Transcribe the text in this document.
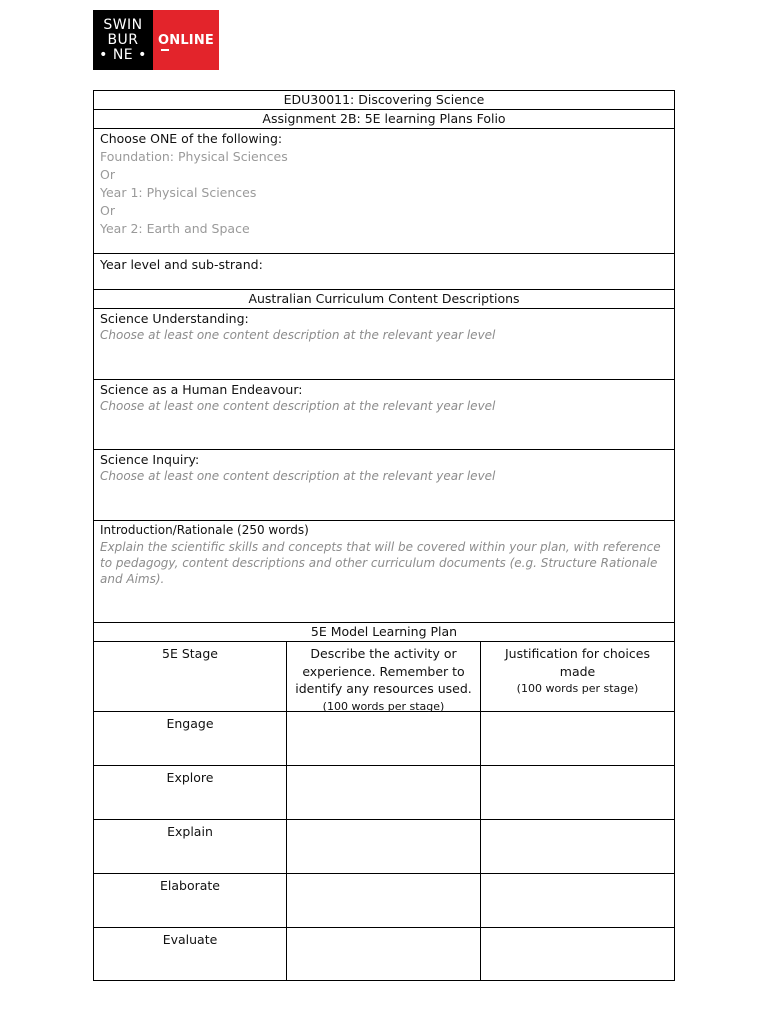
SWIN
BUR
• NE •
ONLINE
EDU30011: Discovering Science
Assignment 2B: 5E learning Plans Folio
Choose ONE of the following:
Foundation: Physical Sciences
Or
Year 1: Physical Sciences
Or
Year 2: Earth and Space
Year level and sub-strand:
Australian Curriculum Content Descriptions
Science Understanding:
Choose at least one content description at the relevant year level
Science as a Human Endeavour:
Choose at least one content description at the relevant year level
Science Inquiry:
Choose at least one content description at the relevant year level
Introduction/Rationale (250 words)
Explain the scientific skills and concepts that will be covered within your plan, with reference to pedagogy, content descriptions and other curriculum documents (e.g. Structure Rationale and Aims).
5E Model Learning Plan
5E Stage	Describe the activity or experience. Remember to identify any resources used.
(100 words per stage)
Justification for choices made
(100 words per stage)
Engage
Explore
Explain
Elaborate
Evaluate
